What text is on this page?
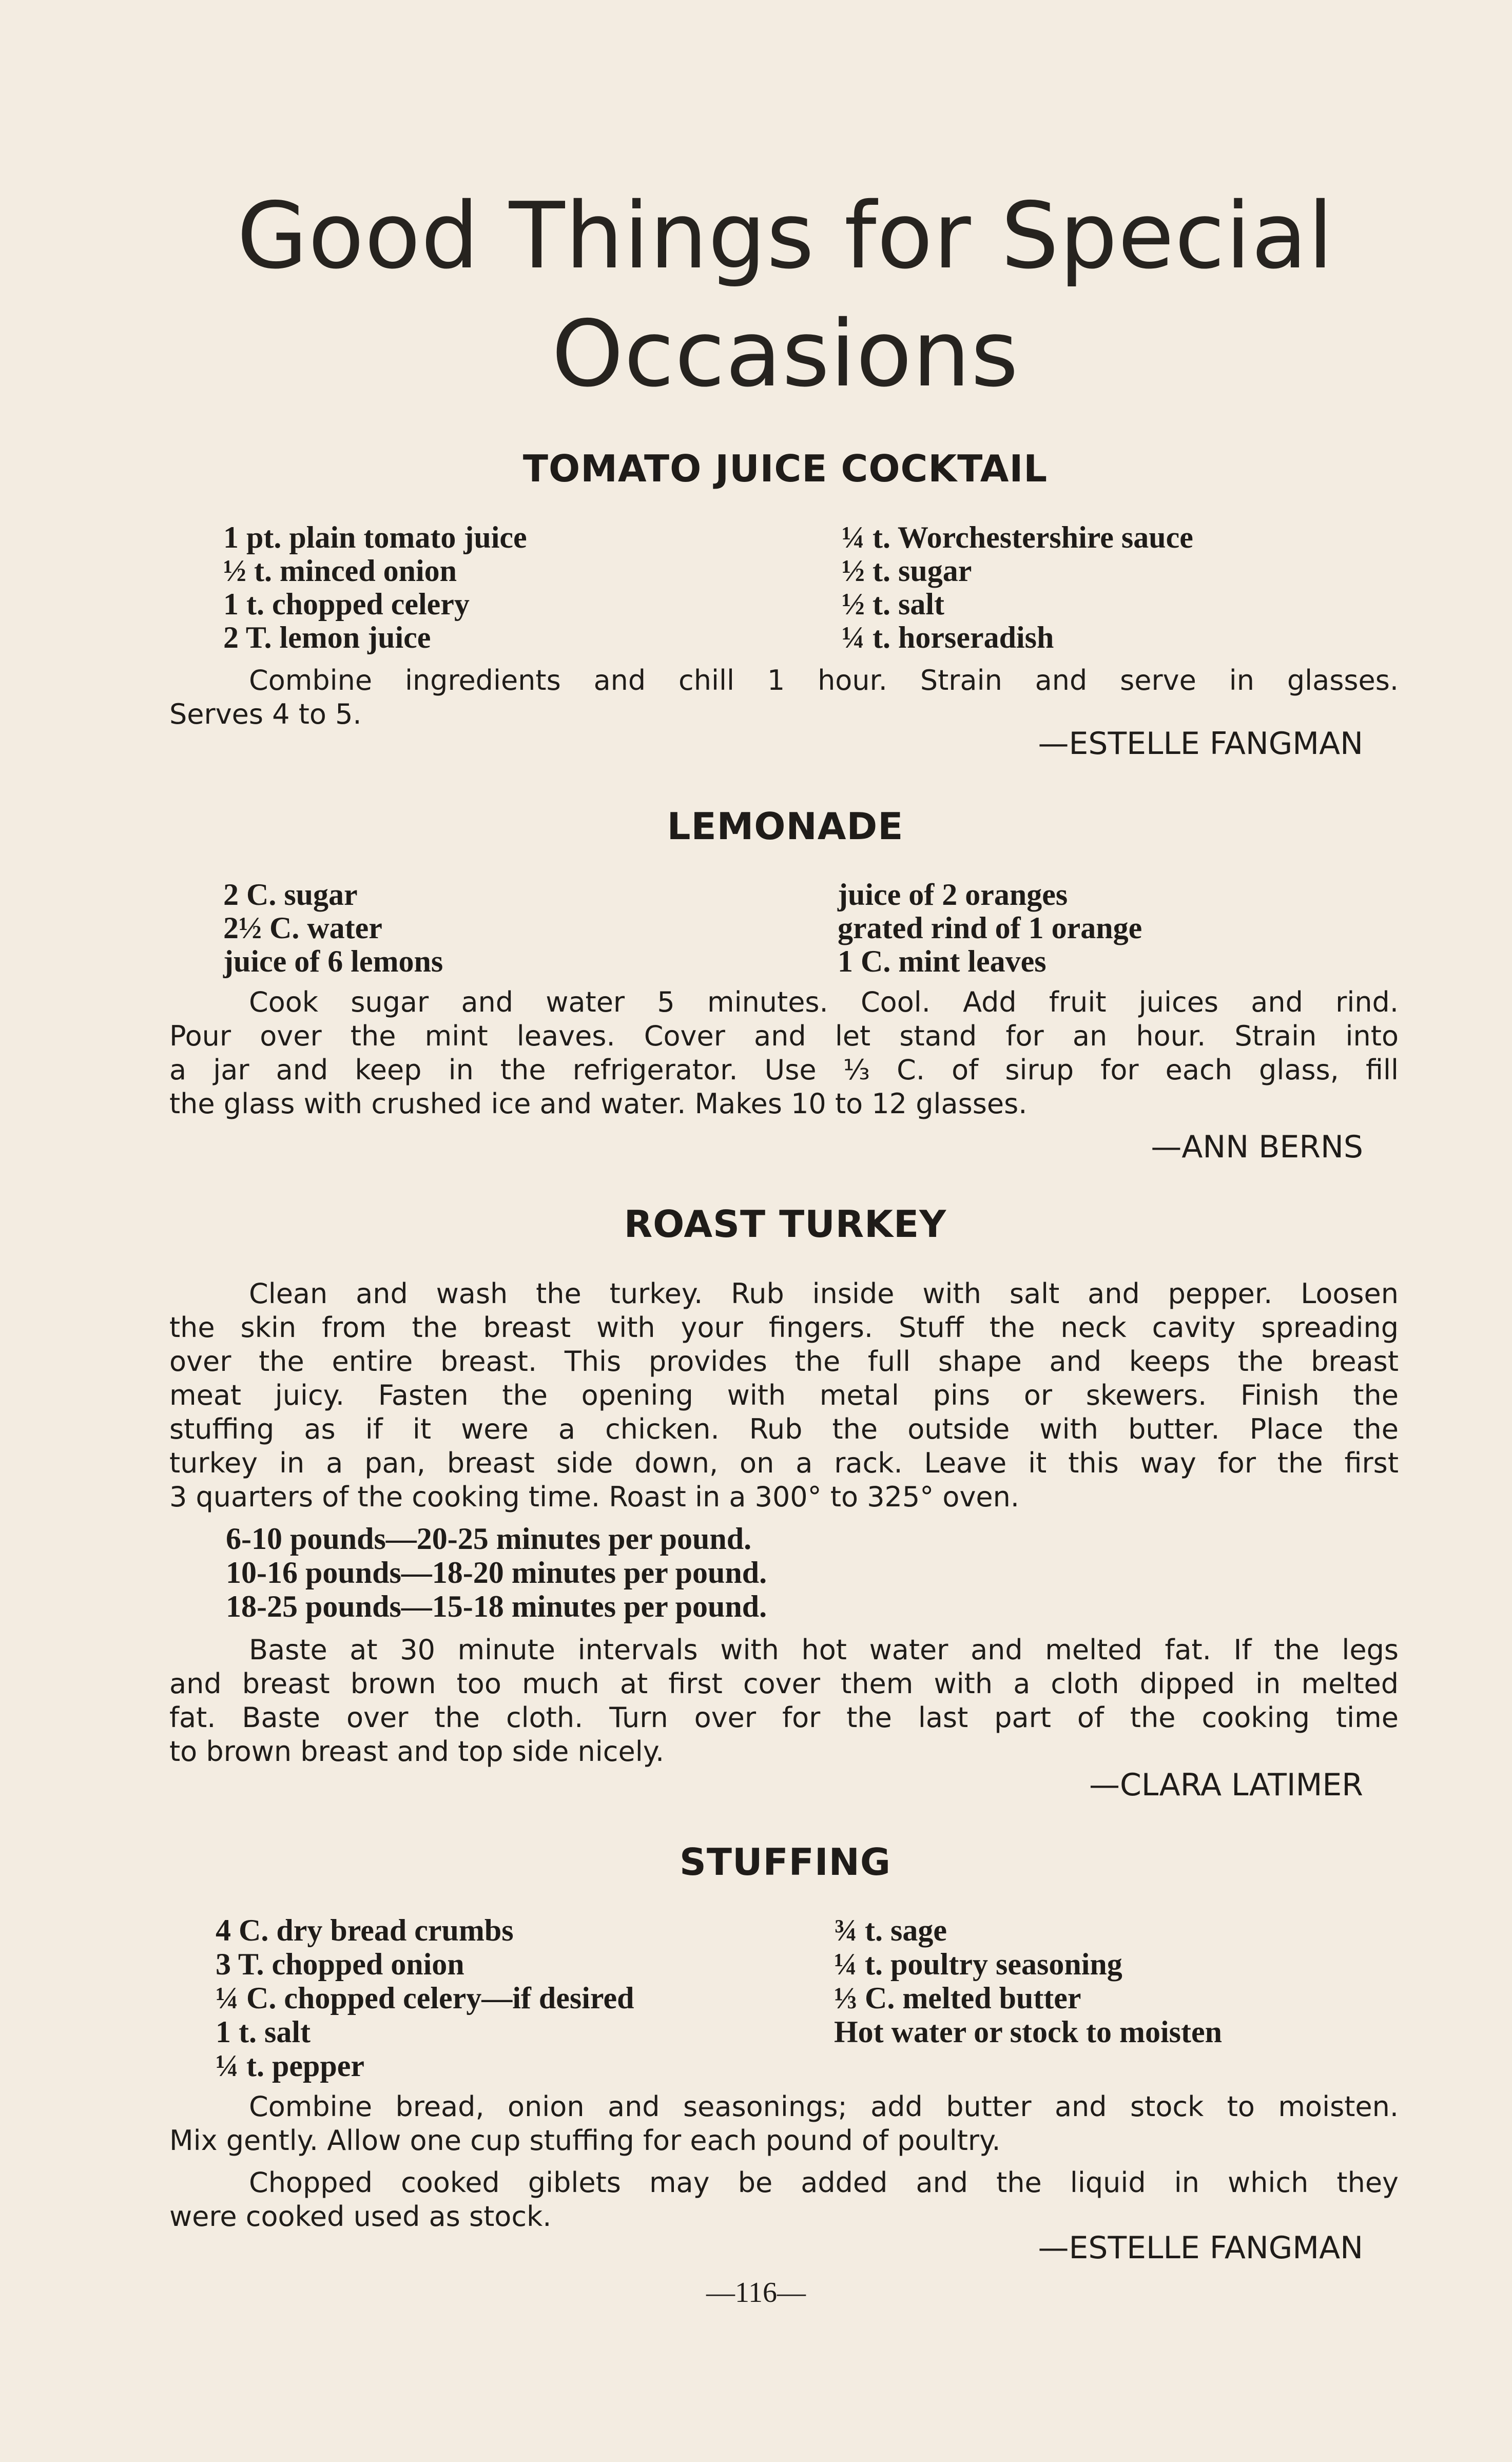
Good Things for Special
Occasions
TOMATO JUICE COCKTAIL
1 pt. plain tomato juice
½ t. minced onion
1 t. chopped celery
2 T. lemon juice
¼ t. Worchestershire sauce
½ t. sugar
½ t. salt
¼ t. horseradish
Combine ingredients and chill 1 hour. Strain and serve in glasses.
Serves 4 to 5.
—ESTELLE FANGMAN
LEMONADE
2 C. sugar
2½ C. water
juice of 6 lemons
juice of 2 oranges
grated rind of 1 orange
1 C. mint leaves
Cook sugar and water 5 minutes. Cool. Add fruit juices and rind.
Pour over the mint leaves. Cover and let stand for an hour. Strain into
a jar and keep in the refrigerator. Use ⅓ C. of sirup for each glass, fill
the glass with crushed ice and water. Makes 10 to 12 glasses.
—ANN BERNS
ROAST TURKEY
Clean and wash the turkey. Rub inside with salt and pepper. Loosen
the skin from the breast with your fingers. Stuff the neck cavity spreading
over the entire breast. This provides the full shape and keeps the breast
meat juicy. Fasten the opening with metal pins or skewers. Finish the
stuffing as if it were a chicken. Rub the outside with butter. Place the
turkey in a pan, breast side down, on a rack. Leave it this way for the first
3 quarters of the cooking time. Roast in a 300° to 325° oven.
6-10 pounds—20-25 minutes per pound.
10-16 pounds—18-20 minutes per pound.
18-25 pounds—15-18 minutes per pound.
Baste at 30 minute intervals with hot water and melted fat. If the legs
and breast brown too much at first cover them with a cloth dipped in melted
fat. Baste over the cloth. Turn over for the last part of the cooking time
to brown breast and top side nicely.
—CLARA LATIMER
STUFFING
4 C. dry bread crumbs
3 T. chopped onion
¼ C. chopped celery—if desired
1 t. salt
¼ t. pepper
¾ t. sage
¼ t. poultry seasoning
⅓ C. melted butter
Hot water or stock to moisten
Combine bread, onion and seasonings; add butter and stock to moisten.
Mix gently. Allow one cup stuffing for each pound of poultry.
Chopped cooked giblets may be added and the liquid in which they
were cooked used as stock.
—ESTELLE FANGMAN
—116—
